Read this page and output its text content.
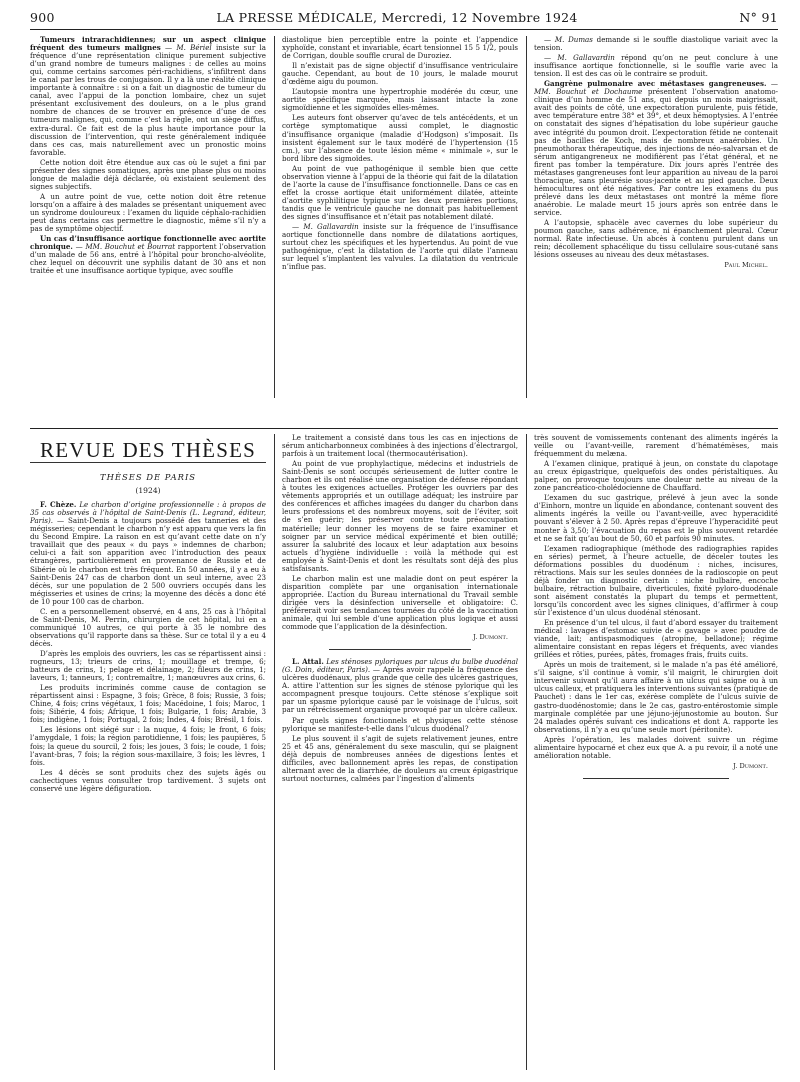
900	LA PRESSE MÉDICALE, Mercredi, 12 Novembre 1924	N° 91

Tumeurs intrarachidiennes; sur un aspect clinique fréquent des tumeurs malignes — M. Bériel insiste sur la fréquence d’une représentation clinique purement subjective d’un grand nombre de tumeurs malignes : de celles au moins qui, comme certains sarcomes péri-rachidiens, s’infiltrent dans le canal par les trous de conjugaison. Il y a là une réalité clinique importante à connaître : si on a fait un diagnostic de tumeur du canal, avec l’appui de la ponction lombaire, chez un sujet présentant exclusivement des douleurs, on a le plus grand nombre de chances de se trouver en présence d’une de ces tumeurs malignes, qui, comme c’est la règle, ont un siège diffus, extra-dural. Ce fait est de la plus haute importance pour la discussion de l’intervention, qui reste généralement indiquée dans ces cas, mais naturellement avec un pronostic moins favorable.

Cette notion doit être étendue aux cas où le sujet a fini par présenter des signes somatiques, après une phase plus ou moins longue de maladie déjà déclarée, où existaient seulement des signes subjectifs.

A un autre point de vue, cette notion doit être retenue lorsqu’on a affaire à des malades se présentant uniquement avec un syndrome douloureux : l’examen du liquide céphalo-rachidien peut dans certains cas permettre le diagnostic, même s’il n’y a pas de symptôme objectif.

Un cas d’insuffisance aortique fonctionnelle avec aortite chronique. — MM. Bouchut et Bourrat rapportent l’observation d’un malade de 56 ans, entré à l’hôpital pour broncho-alvéolite, chez lequel on découvrit une syphilis datant de 30 ans et non traitée et une insuffisance aortique typique, avec souffle

diastolique bien perceptible entre la pointe et l’appendice xyphoïde, constant et invariable, écart tensionnel 15 5 1/2, pouls de Corrigan, double souffle crural de Duroziez.

Il n’existait pas de signe objectif d’insuffisance ventriculaire gauche. Cependant, au bout de 10 jours, le malade mourut d’œdème aigu du poumon.

L’autopsie montra une hypertrophie modérée du cœur, une aortite spécifique marquée, mais laissant intacte la zone sigmoïdienne et les sigmoïdes elles-mêmes.

Les auteurs font observer qu’avec de tels antécédents, et un cortège symptomatique aussi complet, le diagnostic d’insuffisance organique (maladie d’Hodgson) s’imposait. Ils insistent également sur le taux modéré de l’hypertension (15 cm.), sur l’absence de toute lésion même « minimale », sur le bord libre des sigmoïdes.

Au point de vue pathogénique il semble bien que cette observation vienne à l’appui de la théorie qui fait de la dilatation de l’aorte la cause de l’insuffisance fonctionnelle. Dans ce cas en effet la crosse aortique était uniformément dilatée, atteinte d’aortite syphilitique typique sur les deux premières portions, tandis que le ventricule gauche ne donnait pas habituellement des signes d’insuffisance et n’était pas notablement dilaté.

— M. Gallavardin insiste sur la fréquence de l’insuffisance aortique fonctionnelle dans nombre de dilatations aortiques, surtout chez les spécifiques et les hypertendus. Au point de vue pathogénique, c’est la dilatation de l’aorte qui dilate l’anneau sur lequel s’implantent les valvules. La dilatation du ventricule n’influe pas.

— M. Dumas demande si le souffle diastolique variait avec la tension.

— M. Gallavardin répond qu’on ne peut conclure à une insuffisance aortique fonctionnelle, si le souffle varie avec la tension. Il est des cas où le contraire se produit.

Gangrène pulmonaire avec métastases gangreneuses. — MM. Bouchut et Dochaume présentent l’observation anatomo-clinique d’un homme de 51 ans, qui depuis un mois maigrissait, avait des points de côté, une expectoration purulente, puis fétide, avec température entre 38° et 39°, et deux hémoptysies. A l’entrée on constatait des signes d’hépatisation du lobe supérieur gauche avec intégrité du poumon droit. L’expectoration fétide ne contenait pas de bacilles de Koch, mais de nombreux anaérobies. Un pneumothorax thérapeutique, des injections de néo-salvarsan et de sérum antigangreneux ne modifièrent pas l’état général, et ne firent pas tomber la température. Dix jours après l’entrée des métastases gangreneuses font leur apparition au niveau de la paroi thoracique, sans pleurésie sous-jacente et au pied gauche. Deux hémocultures ont été négatives. Par contre les examens du pus prélevé dans les deux métastases ont montré la même flore anaérobie. Le malade meurt 15 jours après son entrée dans le service.

A l’autopsie, sphacèle avec cavernes du lobe supérieur du poumon gauche, sans adhérence, ni épanchement pleural. Cœur normal. Rate infectieuse. Un abcès à contenu purulent dans un rein; décollement sphacélique du tissu cellulaire sous-cutané sans lésions osseuses au niveau des deux métastases.

Paul Michel.
REVUE DES THÈSES
THÈSES DE PARIS
(1924)

F. Chèze. Le charbon d’origine professionnelle : à propos de 35 cas observés à l’hôpital de Saint-Denis (L. Legrand, éditeur, Paris). — Saint-Denis a toujours possédé des tanneries et des mégisseries; cependant le charbon n’y est apparu que vers la fin du Second Empire. La raison en est qu’avant cette date on n’y travaillait que des peaux « du pays » indemnes de charbon; celui-ci a fait son apparition avec l’introduction des peaux étrangères, particulièrement en provenance de Russie et de Sibérie où le charbon est très fréquent. En 50 années, il y a eu à Saint-Denis 247 cas de charbon dont un seul interne, avec 23 décès, sur une population de 2 500 ouvriers occupés dans les mégisseries et usines de crins; la moyenne des décès a donc été de 10 pour 100 cas de charbon.

C. en a personnellement observé, en 4 ans, 25 cas à l’hôpital de Saint-Denis, M. Perrin, chirurgien de cet hôpital, lui en a communiqué 10 autres, ce qui porte à 35 le nombre des observations qu’il rapporte dans sa thèse. Sur ce total il y a eu 4 décès.

D’après les emplois des ouvriers, les cas se répartissent ainsi : rogneurs, 13; trieurs de crins, 1; mouillage et trempe, 6; batteurs de crins, 1; pelage et délainage, 2; fileurs de crins, 1; laveurs, 1; tanneurs, 1; contremaître, 1; manœuvres aux crins, 6.

Les produits incriminés comme cause de contagion se répartissent ainsi : Espagne, 3 fois; Grèce, 8 fois; Russie, 3 fois; Chine, 4 fois; crins végétaux, 1 fois; Macédoine, 1 fois; Maroc, 1 fois; Sibérie, 4 fois; Afrique, 1 fois; Bulgarie, 1 fois; Arabie, 3 fois; indigène, 1 fois; Portugal, 2 fois; Indes, 4 fois; Brésil, 1 fois.

Les lésions ont siégé sur : la nuque, 4 fois; le front, 6 fois; l’amygdale, 1 fois; la région parotidienne, 1 fois; les paupières, 5 fois; la queue du sourcil, 2 fois; les joues, 3 fois; le coude, 1 fois; l’avant-bras, 7 fois; la région sous-maxillaire, 3 fois; les lèvres, 1 fois.

Les 4 décès se sont produits chez des sujets âgés ou cachectiques venus consulter trop tardivement. 3 sujets ont conservé une légère défiguration.

Le traitement a consisté dans tous les cas en injections de sérum anticharbonneux combinées à des injections d’électrargol, parfois à un traitement local (thermocautérisation).

Au point de vue prophylactique, médecins et industriels de Saint-Denis se sont occupés sérieusement de lutter contre le charbon et ils ont réalisé une organisation de défense répondant à toutes les exigences actuelles. Protéger les ouvriers par des vêtements appropriés et un outillage adéquat; les instruire par des conférences et affiches imagées du danger du charbon dans leurs professions et des nombreux moyens, soit de l’éviter, soit de s’en guérir; les préserver contre toute préoccupation matérielle; leur donner les moyens de se faire examiner et soigner par un service médical expérimenté et bien outillé; assurer la salubrité des locaux et leur adaptation aux besoins actuels d’hygiène individuelle : voilà la méthode qui est employée à Saint-Denis et dont les résultats sont déjà des plus satisfaisants.

Le charbon malin est une maladie dont on peut espérer la disparition complète par une organisation internationale appropriée. L’action du Bureau international du Travail semble dirigée vers la désinfection universelle et obligatoire: C. préférerait voir ses tendances tournées du côté de la vaccination animale, qui lui semble d’une application plus logique et aussi commode que l’application de la désinfection.

J. Dumont.

L. Attal. Les sténoses pyloriques par ulcus du bulbe duodénal (G. Doin, éditeur, Paris). — Après avoir rappelé la fréquence des ulcères duodénaux, plus grande que celle des ulcères gastriques, A. attire l’attention sur les signes de sténose pylorique qui les accompagnent presque toujours. Cette sténose s’explique soit par un spasme pylorique causé par le voisinage de l’ulcus, soit par un rétrécissement organique provoqué par un ulcère calleux.

Par quels signes fonctionnels et physiques cette sténose pylorique se manifeste-t-elle dans l’ulcus duodénal?

Le plus souvent il s’agit de sujets relativement jeunes, entre 25 et 45 ans, généralement du sexe masculin, qui se plaignent déjà depuis de nombreuses années de digestions lentes et difficiles, avec ballonnement après les repas, de constipation alternant avec de la diarrhée, de douleurs au creux épigastrique surtout nocturnes, calmées par l’ingestion d’aliments

très souvent de vomissements contenant des aliments ingérés la veille ou l’avant-veille, rarement d’hématémèses, mais fréquemment du melæna.

A l’examen clinique, pratiqué à jeun, on constate du clapotage au creux épigastrique, quelquefois des ondes péristaltiques. Au palper, on provoque toujours une douleur nette au niveau de la zone pancréatico-cholédocienne de Chauffard.

L’examen du suc gastrique, prélevé à jeun avec la sonde d’Einhorn, montre un liquide en abondance, contenant souvent des aliments ingérés la veille ou l’avant-veille, avec hyperacidité pouvant s’élever à 2 50. Après repas d’épreuve l’hyperacidité peut monter à 3,50; l’évacuation du repas est le plus souvent retardée et ne se fait qu’au bout de 50, 60 et parfois 90 minutes.

L’examen radiographique (méthode des radiographies rapides en séries) permet, à l’heure actuelle, de déceler toutes les déformations possibles du duodénum : niches, incisures, rétractions. Mais sur les seules données de la radioscopie on peut déjà fonder un diagnostic certain : niche bulbaire, encoche bulbaire, rétraction bulbaire, diverticules, fixité pyloro-duodénale sont aisément constatés la plupart du temps et permettent, lorsqu’ils concordent avec les signes cliniques, d’affirmer à coup sûr l’existence d’un ulcus duodénal sténosant.

En présence d’un tel ulcus, il faut d’abord essayer du traitement médical : lavages d’estomac suivie de « gavage » avec poudre de viande, lait; antispasmodiques (atropine, belladone); régime alimentaire consistant en repas légers et fréquents, avec viandes grillées et rôties, purées, pâtes, fromages frais, fruits cuits.

Après un mois de traitement, si le malade n’a pas été amélioré, s’il saigne, s’il continue à vomir, s’il maigrit, le chirurgien doit intervenir suivant qu’il aura affaire à un ulcus qui saigne ou à un ulcus calleux, et pratiquera les interventions suivantes (pratique de Pauchet) : dans le 1er cas, exérèse complète de l’ulcus suivie de gastro-duodénostomie; dans le 2e cas, gastro-entérostomie simple marginale complétée par une jéjuno-jéjunostomie au bouton. Sur 24 malades opérés suivant ces indications et dont A. rapporte les observations, il n’y a eu qu’une seule mort (péritonite).

Après l’opération, les malades doivent suivre un régime alimentaire hypocarné et chez eux que A. a pu revoir, il a noté une amélioration notable.

J. Dumont.
